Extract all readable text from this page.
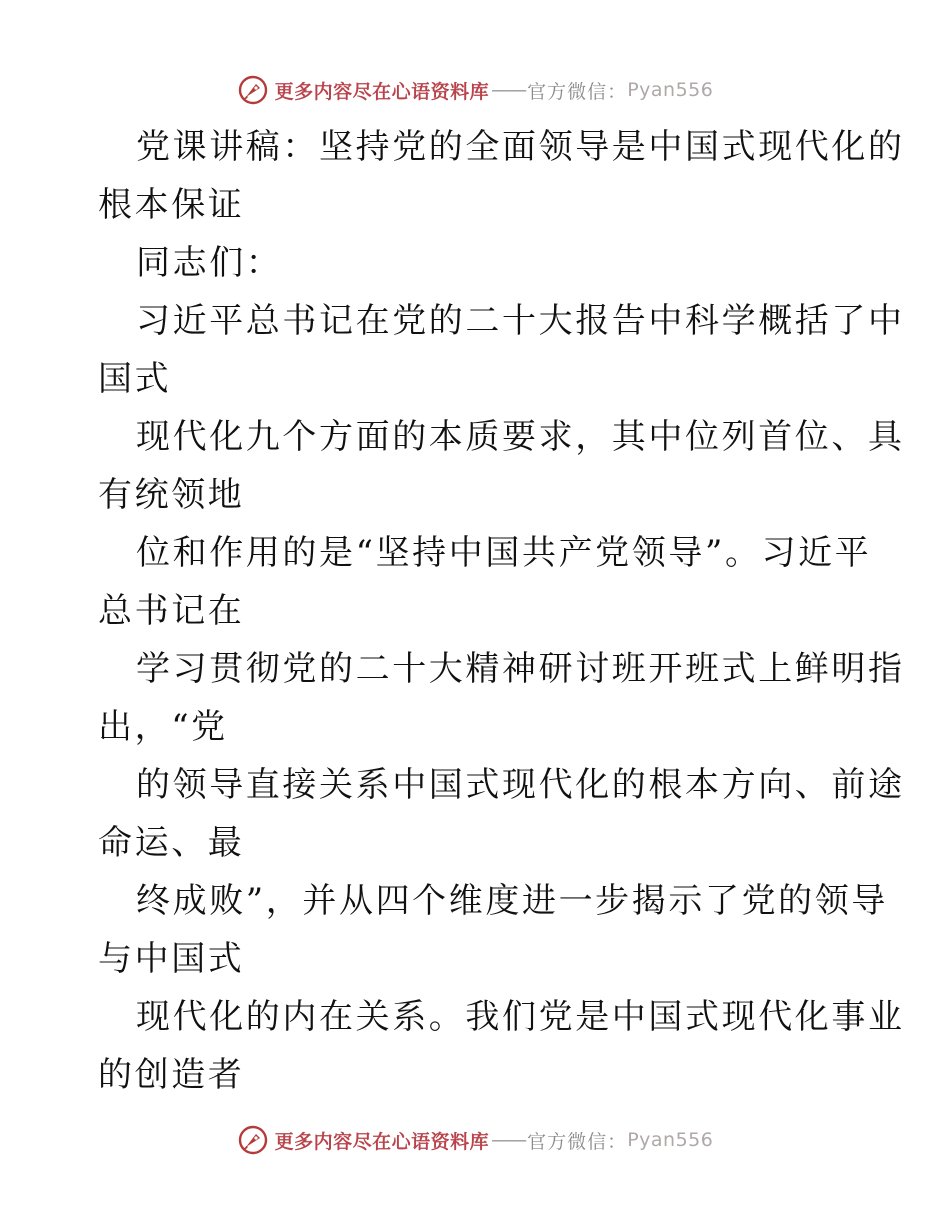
更多内容尽在心语资料库 —— 官方微信： Pyan556
党课讲稿：坚持党的全面领导是中国式现代化的
根本保证
同志们：
习近平总书记在党的二十大报告中科学概括了中
国式
现代化九个方面的本质要求，其中位列首位、具
有统领地
位和作用的是“坚持中国共产党领导”。习近平
总书记在
学习贯彻党的二十大精神研讨班开班式上鲜明指
出，“党
的领导直接关系中国式现代化的根本方向、前途
命运、最
终成败”，并从四个维度进一步揭示了党的领导
与中国式
现代化的内在关系。我们党是中国式现代化事业
的创造者
更多内容尽在心语资料库 —— 官方微信： Pyan556
